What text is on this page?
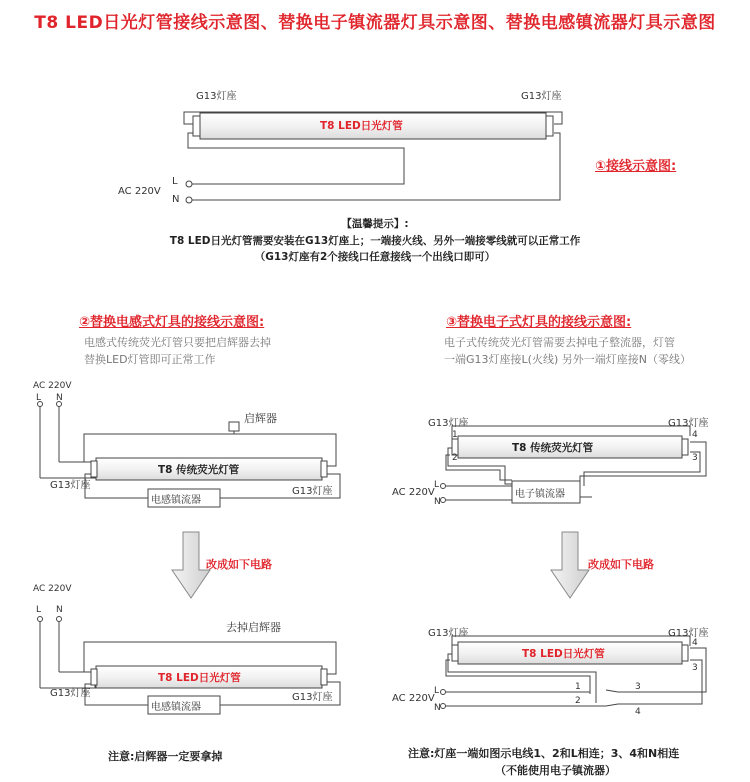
T8 LED日光灯管接线示意图、替换电子镇流器灯具示意图、替换电感镇流器灯具示意图
G13灯座	G13灯座
T8 LED日光灯管
L
N
AC 220V
①接线示意图:
【温馨提示】:
T8 LED日光灯管需要安装在G13灯座上；一端接火线、另外一端接零线就可以正常工作
（G13灯座有2个接线口任意接线一个出线口即可）
②替换电感式灯具的接线示意图:
电感式传统荧光灯管只要把启辉器去掉
替换LED灯管即可正常工作
AC 220V
L N
启辉器
T8 传统荧光灯管
G13灯座
G13灯座
电感镇流器
改成如下电路
AC 220V
L N
去掉启辉器
T8 LED日光灯管
G13灯座	G13灯座
电感镇流器
注意:启辉器一定要拿掉
③替换电子式灯具的接线示意图:
电子式传统荧光灯管需要去掉电子整流器，灯管
一端G13灯座接L(火线) 另外一端灯座接N（零线）
G13灯座	G13灯座
T8 传统荧光灯管
1
2
4
3
AC 220V
L
N
电子镇流器
改成如下电路
G13灯座	G13灯座
T8 LED日光灯管
4
3
1
2
3
4
AC 220V
L
N
注意:灯座一端如图示电线1、2和L相连；3、4和N相连
（不能使用电子镇流器）
